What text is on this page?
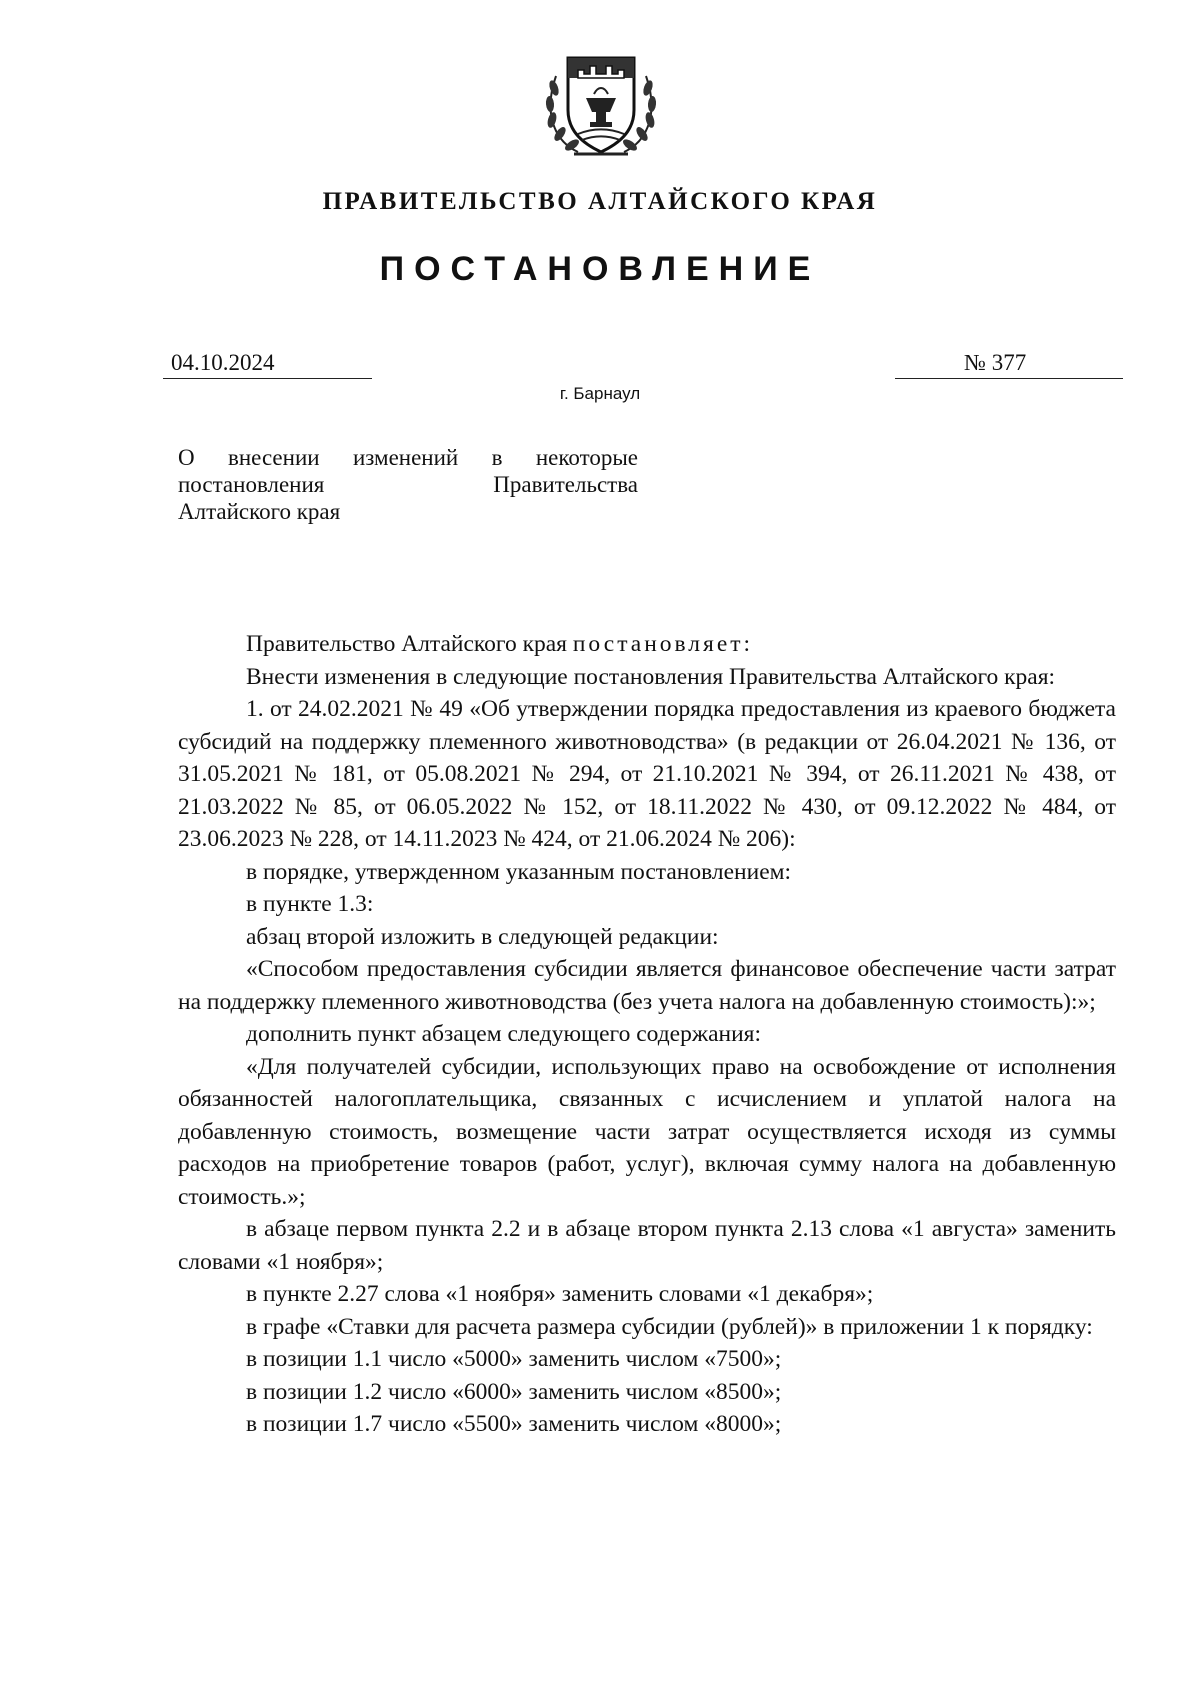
ПРАВИТЕЛЬСТВО АЛТАЙСКОГО КРАЯ
ПОСТАНОВЛЕНИЕ
04.10.2024	№ 377
г. Барнаул
О внесении изменений в некоторые
постановления Правительства
Алтайского края

Правительство Алтайского края постановляет:

Внести изменения в следующие постановления Правительства Алтайского края:

1. от 24.02.2021 № 49 «Об утверждении порядка предоставления из краевого бюджета субсидий на поддержку племенного животноводства» (в редакции от 26.04.2021 № 136, от 31.05.2021 № 181, от 05.08.2021 № 294, от 21.10.2021 № 394, от 26.11.2021 № 438, от 21.03.2022 № 85, от 06.05.2022 № 152, от 18.11.2022 № 430, от 09.12.2022 № 484, от 23.06.2023 № 228, от 14.11.2023 № 424, от 21.06.2024 № 206):

в порядке, утвержденном указанным постановлением:

в пункте 1.3:

абзац второй изложить в следующей редакции:

«Способом предоставления субсидии является финансовое обеспечение части затрат на поддержку племенного животноводства (без учета налога на добавленную стоимость):»;

дополнить пункт абзацем следующего содержания:

«Для получателей субсидии, использующих право на освобождение от исполнения обязанностей налогоплательщика, связанных с исчислением и уплатой налога на добавленную стоимость, возмещение части затрат осуществляется исходя из суммы расходов на приобретение товаров (работ, услуг), включая сумму налога на добавленную стоимость.»;

в абзаце первом пункта 2.2 и в абзаце втором пункта 2.13 слова «1 августа» заменить словами «1 ноября»;

в пункте 2.27 слова «1 ноября» заменить словами «1 декабря»;

в графе «Ставки для расчета размера субсидии (рублей)» в приложении 1 к порядку:

в позиции 1.1 число «5000» заменить числом «7500»;

в позиции 1.2 число «6000» заменить числом «8500»;

в позиции 1.7 число «5500» заменить числом «8000»;
